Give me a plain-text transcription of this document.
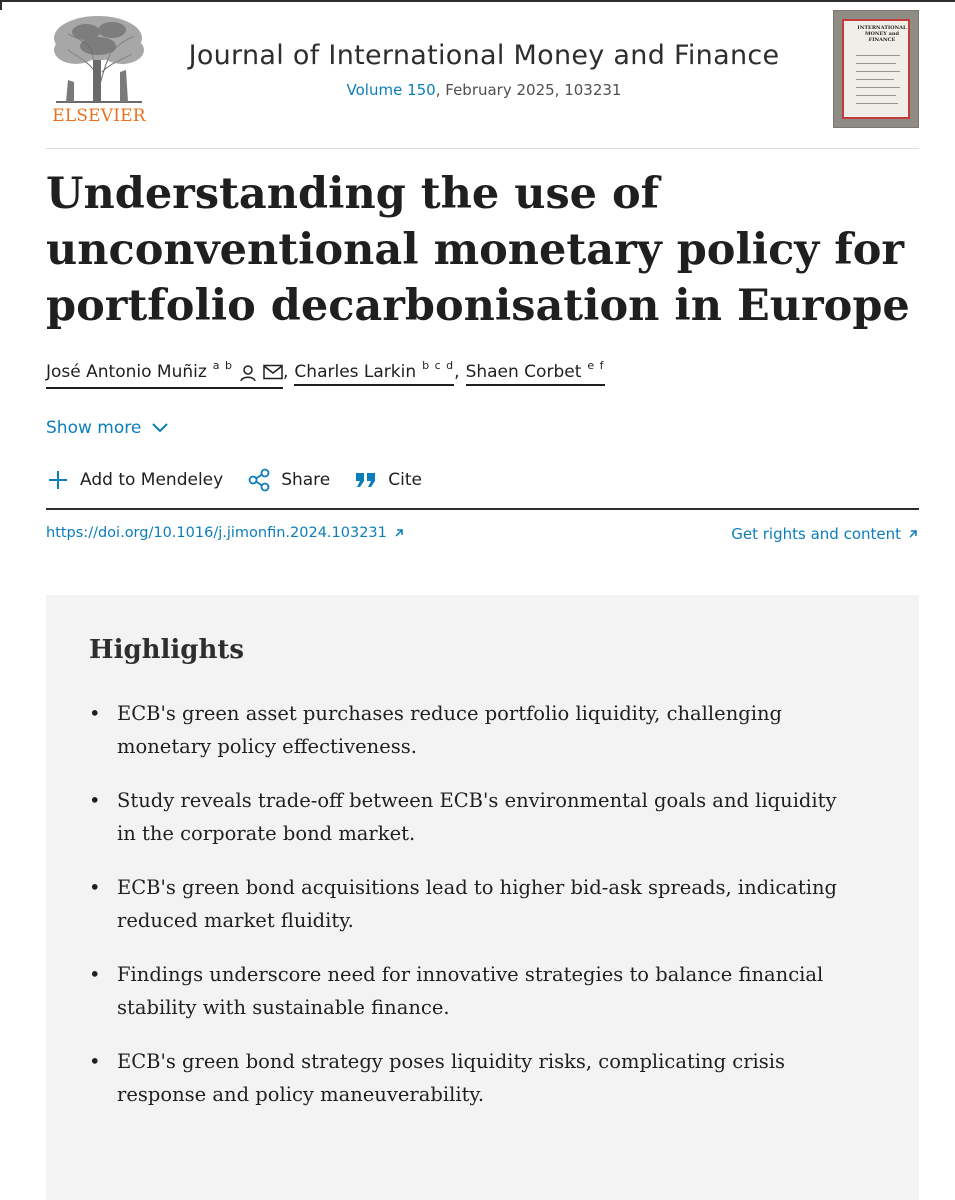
ELSEVIER
Journal of International Money and Finance
Volume 150, February 2025, 103231
INTERNATIONAL MONEY and FINANCE
Understanding the use of unconventional monetary policy for portfolio decarbonisation in Europe
José Antonio Muñiz $^{a b}$	, Charles Larkin $^{b c d}$ , Shaen Corbet $^{e f}$
Show more
Add to Mendeley	Share	Cite
https://doi.org/10.1016/j.jimonfin.2024.103231	Get rights and content
Highlights
• ECB's green asset purchases reduce portfolio liquidity, challenging monetary policy effectiveness.
• Study reveals trade-off between ECB's environmental goals and liquidity in the corporate bond market.
• ECB's green bond acquisitions lead to higher bid-ask spreads, indicating reduced market fluidity.
• Findings underscore need for innovative strategies to balance financial stability with sustainable finance.
• ECB's green bond strategy poses liquidity risks, complicating crisis response and policy maneuverability.
